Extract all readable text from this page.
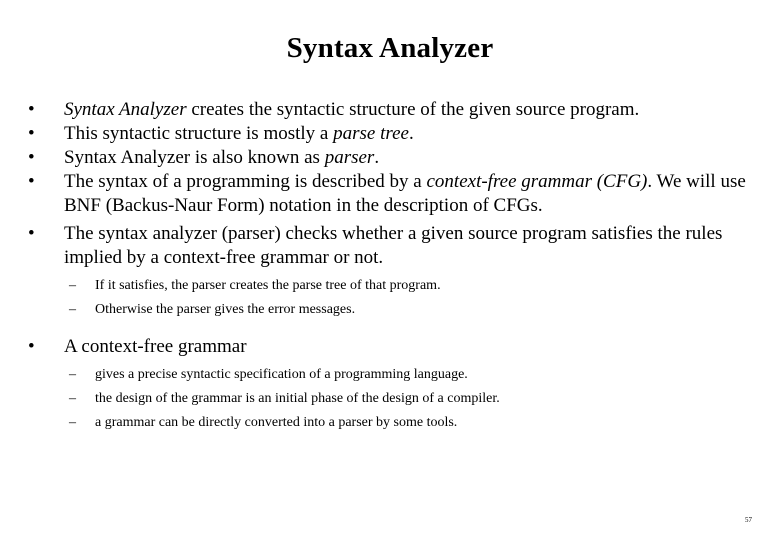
Syntax Analyzer
• Syntax Analyzer creates the syntactic structure of the given source program.
• This syntactic structure is mostly a parse tree.
• Syntax Analyzer is also known as parser.
• The syntax of a programming is described by a context-free grammar (CFG). We will use BNF (Backus-Naur Form) notation in the description of CFGs.
• The syntax analyzer (parser) checks whether a given source program satisfies the rules implied by a context-free grammar or not.
– If it satisfies, the parser creates the parse tree of that program.
– Otherwise the parser gives the error messages.
• A context-free grammar
– gives a precise syntactic specification of a programming language.
– the design of the grammar is an initial phase of the design of a compiler.
– a grammar can be directly converted into a parser by some tools.
57
